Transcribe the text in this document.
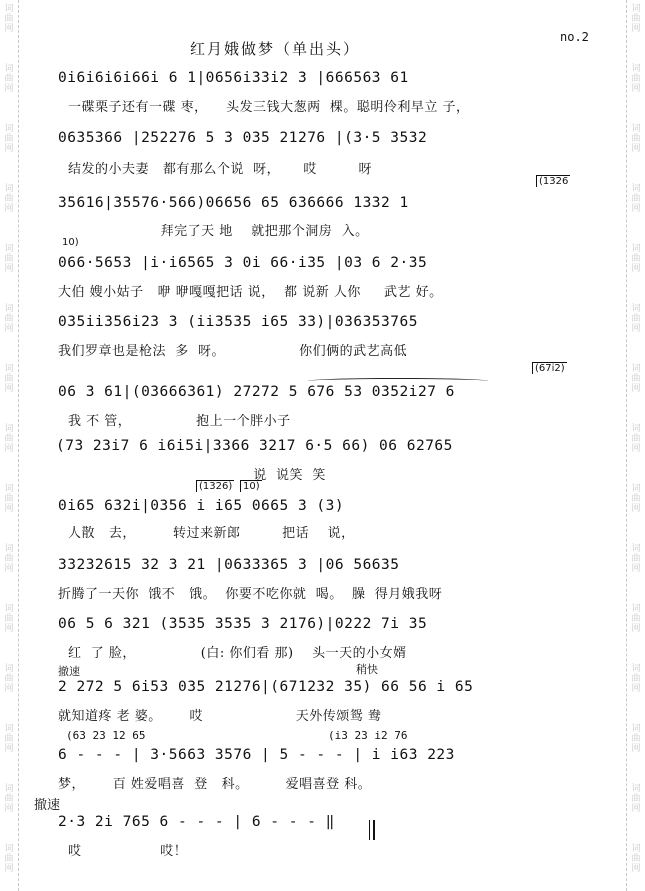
词
曲
网
词
曲
网
词
曲
网
词
曲
网
词
曲
网
词
曲
网
词
曲
网
词
曲
网
词
曲
网
词
曲
网
词
曲
网
词
曲
网
词
曲
网
词
曲
网
词
曲
网
词
曲
网
词
曲
网
词
曲
网
词
曲
网
词
曲
网
词
曲
网
词
曲
网
词
曲
网
词
曲
网
词
曲
网
词
曲
网
词
曲
网
词
曲
网
词
曲
网
词
曲
网
红月娥做梦（单出头）
no.2
0i6i6i6i66i 6 1|0656i33i2 3 |666563 61
一碟栗子还有一碟 枣，    头发三钱大葱两  棵。聪明伶利早立 子，
0635366 |252276 5 3 035 21276 |(3·5 3532
结发的小夫妻   都有那么个说  呀，     哎         呀
(1326
35616|35576·566)06656 65 636666 1332 1
拜完了天 地    就把那个洞房  入。
10)
066·5653 |i·i6565 3 0i 66·i35 |03 6 2·35
大伯 嫂小姑子   咿 咿嘎嘎把话 说，  都 说新 人你     武艺 好。
035ii356i23 3 (ii3535 i65 33)|036353765
我们罗章也是枪法  多  呀。                你们俩的武艺高低
(67i2)
06 3 61|(03666361) 27272 5 676 53 0352i27 6
我 不 管，              抱上一个胖小子
(73 23i7 6 i6i5i|3366 3217 6·5 66) 06 62765
说  说笑  笑
(1326)	10)
0i65 632i|0356 i i65 0665 3 (3)
人散   去，        转过来新郎         把话    说，
33232615 32 3 21 |0633365 3 |06 56635
折腾了一天你  饿不   饿。  你要不吃你就  喝。  臊  得月娥我呀
06 5 6 321 (3535 3535 3 2176)|0222 7i 35
红  了 脸，              (白: 你们看 那)    头一天的小女婿
撤速	稍快
2 272 5 6i53 035 21276|(671232 35) 66 56 i 65
就知道疼 老 婆。      哎                    天外传颂鸳 鸯
(63 23 12 65	(i3 23 i2 76
6 - - - | 3·5663 3576 | 5 - - - | i i63 223
梦，      百 姓爱唱喜  登   科。        爱唱喜登 科。
撤速
2·3 2i 765 6 - - - | 6 - - - ‖
哎                 哎！
